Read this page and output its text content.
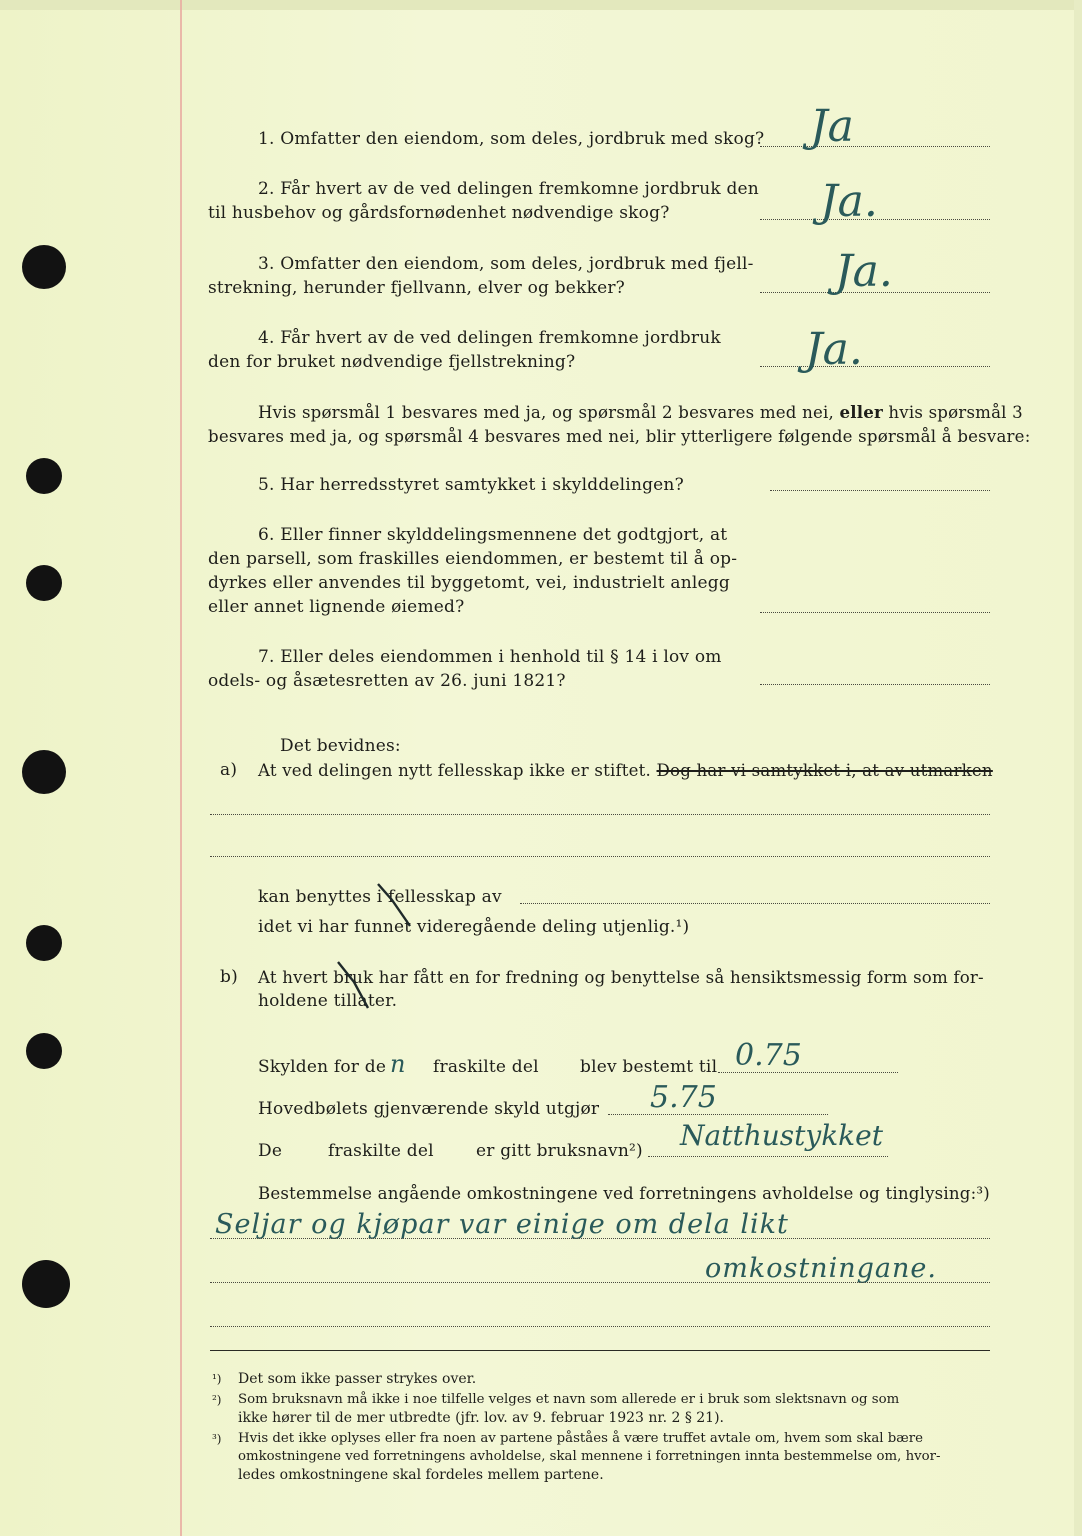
1. Omfatter den eiendom, som deles, jordbruk med skog? Ja
2. Får hvert av de ved delingen fremkomne jordbruk den
til husbehov og gårdsfornødenhet nødvendige skog?	Ja.
3. Omfatter den eiendom, som deles, jordbruk med fjell-
strekning, herunder fjellvann, elver og bekker?	Ja.
4. Får hvert av de ved delingen fremkomne jordbruk
den for bruket nødvendige fjellstrekning?	Ja.
Hvis spørsmål 1 besvares med ja, og spørsmål 2 besvares med nei, eller hvis spørsmål 3
besvares med ja, og spørsmål 4 besvares med nei, blir ytterligere følgende spørsmål å besvare:
5. Har herredsstyret samtykket i skylddelingen?
6. Eller finner skylddelingsmennene det godtgjort, at
den parsell, som fraskilles eiendommen, er bestemt til å op-
dyrkes eller anvendes til byggetomt, vei, industrielt anlegg
eller annet lignende øiemed?
7. Eller deles eiendommen i henhold til § 14 i lov om
odels- og åsætesretten av 26. juni 1821?
Det bevidnes:
a) At ved delingen nytt fellesskap ikke er stiftet. Dog har vi samtykket i, at av utmarken
kan benyttes i fellesskap av
idet vi har funnet videregående deling utjenlig.¹)
b) At hvert bruk har fått en for fredning og benyttelse så hensiktsmessig form som for-
holdene tillater.
Skylden for de n fraskilte del blev bestemt til 0.75
Hovedbølets gjenværende skyld utgjør 5.75
De	fraskilte del er gitt bruksnavn²) Natthustykket
Bestemmelse angående omkostningene ved forretningens avholdelse og tinglysing:³)
Seljar og kjøpar var einige om dela likt
omkostningane.
¹) Det som ikke passer strykes over.
²) Som bruksnavn må ikke i noe tilfelle velges et navn som allerede er i bruk som slektsnavn og som
ikke hører til de mer utbredte (jfr. lov. av 9. februar 1923 nr. 2 § 21).
³) Hvis det ikke oplyses eller fra noen av partene påståes å være truffet avtale om, hvem som skal bære
omkostningene ved forretningens avholdelse, skal mennene i forretningen innta bestemmelse om, hvor-
ledes omkostningene skal fordeles mellem partene.
